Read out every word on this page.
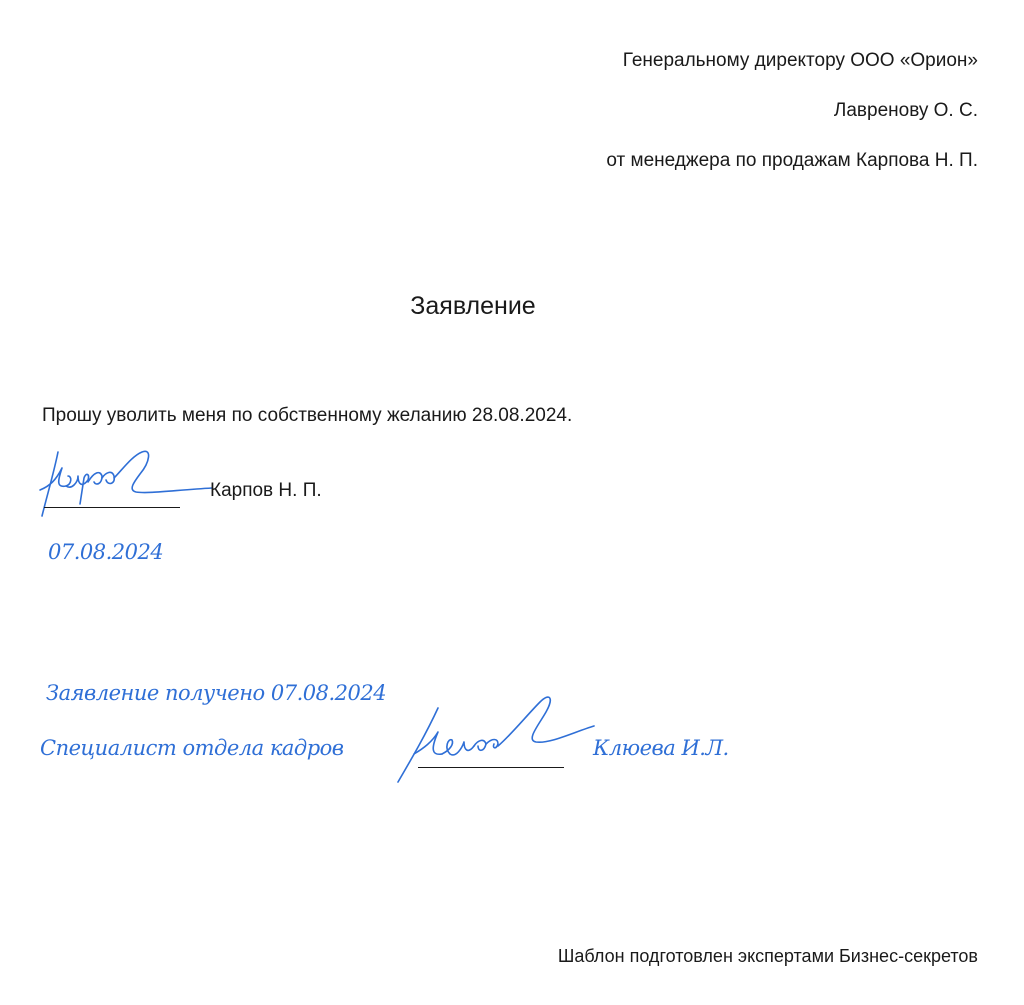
Генеральному директору ООО «Орион»
Лавренову О. С.
от менеджера по продажам Карпова Н. П.
Заявление
Прошу уволить меня по собственному желанию 28.08.2024.
Карпов Н. П.
07.08.2024
Заявление получено 07.08.2024
Специалист отдела кадров	Клюева И.Л.
Шаблон подготовлен экспертами Бизнес-секретов
